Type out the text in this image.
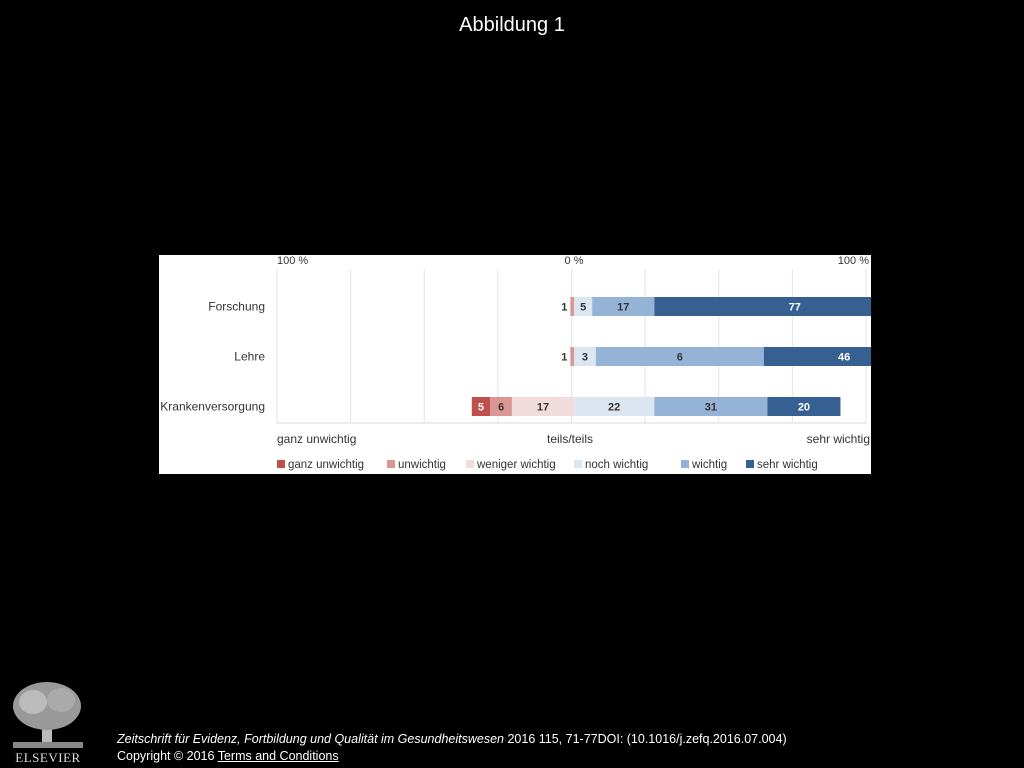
Abbildung 1
100 %	0 %	100 %
ganz unwichtig	teils/teils	sehr wichtig
Forschung	1 5	17	77
Lehre	1 3	6	46
Krankenversorgung	5 6	17	22	31	20
ganz unwichtig	unwichtig	weniger wichtig	noch wichtig	wichtig	sehr wichtig
ELSEVIER
Zeitschrift für Evidenz, Fortbildung und Qualität im Gesundheitswesen 2016 115, 71-77DOI: (10.1016/j.zefq.2016.07.004)
Copyright © 2016 Terms and Conditions
